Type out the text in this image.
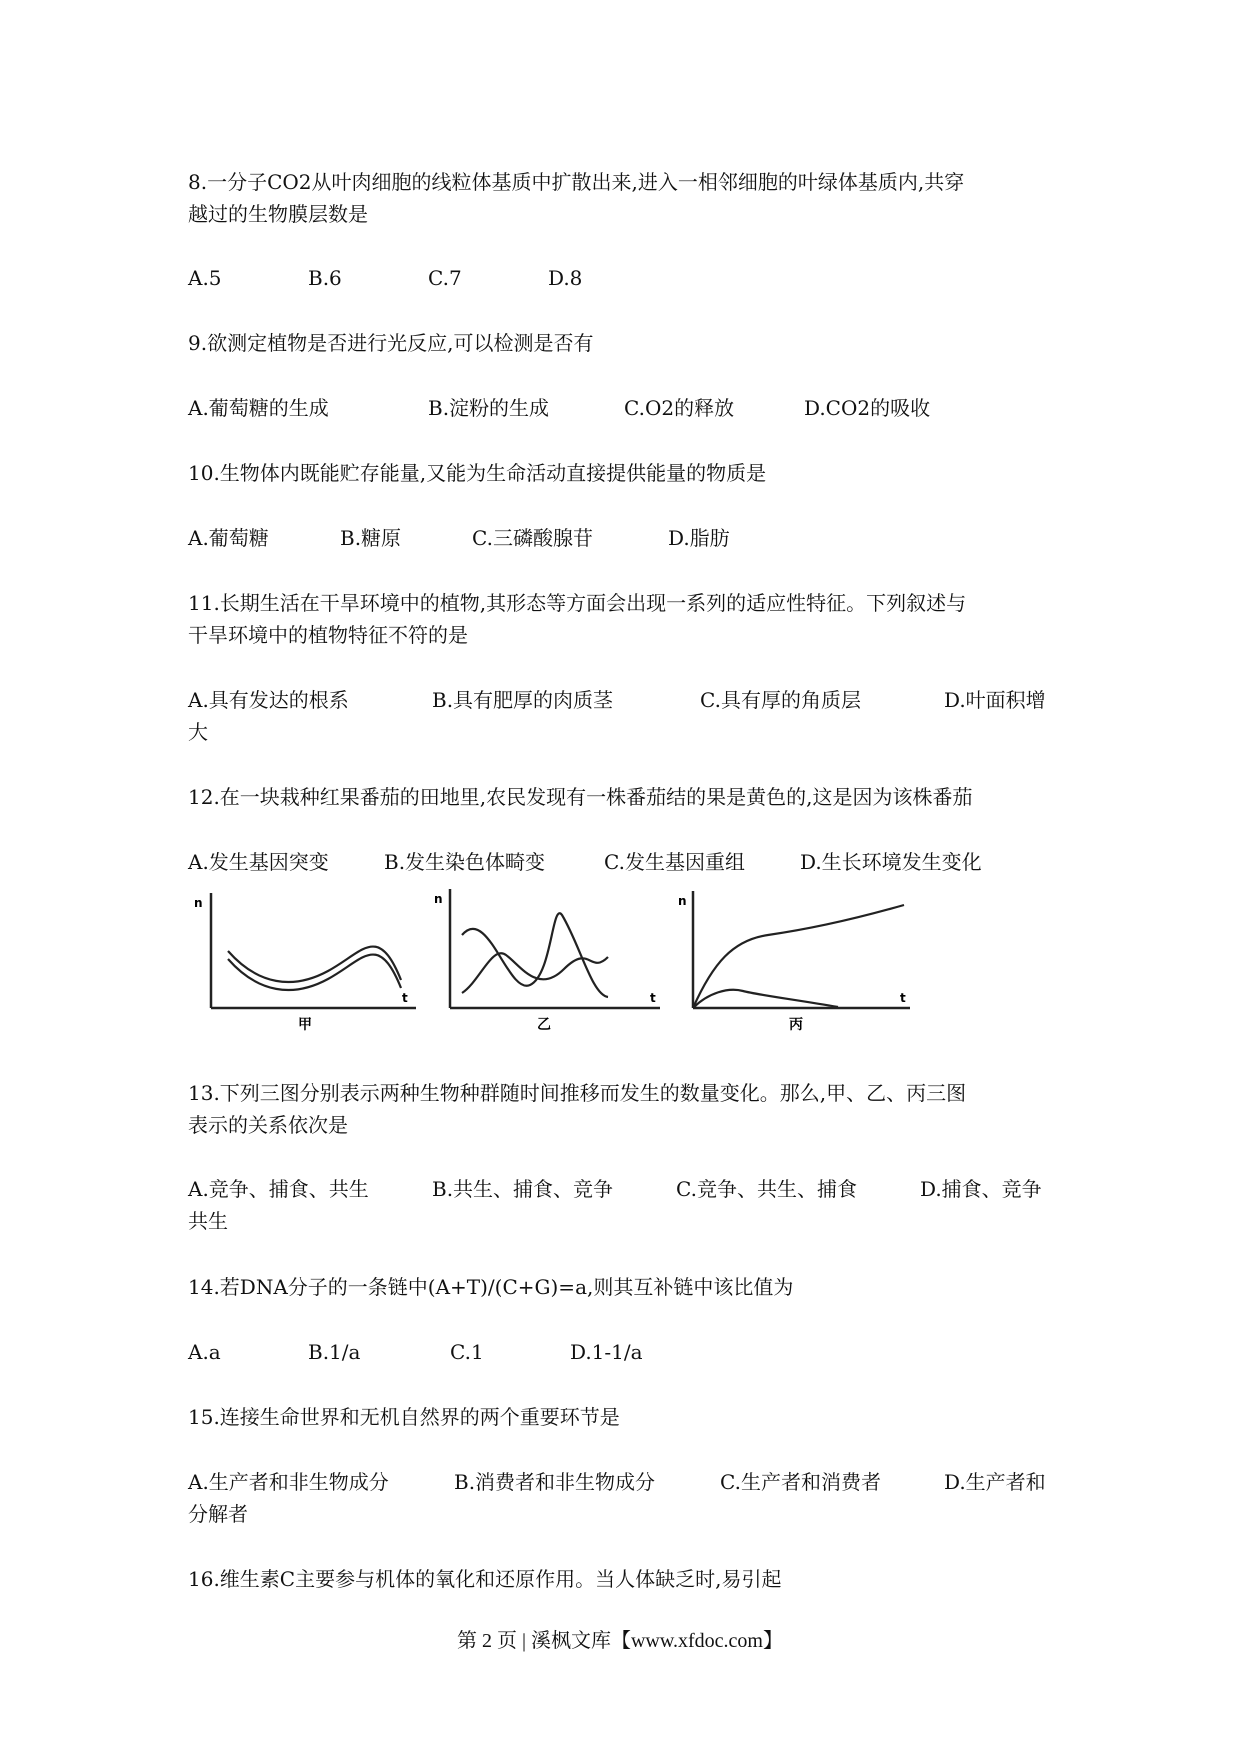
8.一分子CO2从叶肉细胞的线粒体基质中扩散出来,进入一相邻细胞的叶绿体基质内,共穿
越过的生物膜层数是
A.5	B.6	C.7	D.8
9.欲测定植物是否进行光反应,可以检测是否有
A.葡萄糖的生成	B.淀粉的生成	C.O2的释放	D.CO2的吸收
10.生物体内既能贮存能量,又能为生命活动直接提供能量的物质是
A.葡萄糖	B.糖原	C.三磷酸腺苷	D.脂肪
11.长期生活在干旱环境中的植物,其形态等方面会出现一系列的适应性特征。下列叙述与
干旱环境中的植物特征不符的是
A.具有发达的根系	B.具有肥厚的肉质茎	C.具有厚的角质层	D.叶面积增
大
12.在一块栽种红果番茄的田地里,农民发现有一株番茄结的果是黄色的,这是因为该株番茄
A.发生基因突变	B.发生染色体畸变	C.发生基因重组	D.生长环境发生变化
n
t
甲
n
t
乙
n
t
丙
13.下列三图分别表示两种生物种群随时间推移而发生的数量变化。那么,甲、乙、丙三图
表示的关系依次是
A.竞争、捕食、共生	B.共生、捕食、竞争	C.竞争、共生、捕食	D.捕食、竞争
共生
14.若DNA分子的一条链中(A+T)/(C+G)=a,则其互补链中该比值为
A.a	B.1/a	C.1	D.1-1/a
15.连接生命世界和无机自然界的两个重要环节是
A.生产者和非生物成分	B.消费者和非生物成分	C.生产者和消费者	D.生产者和
分解者
16.维生素C主要参与机体的氧化和还原作用。当人体缺乏时,易引起
第 2 页 | 溪枫文库【www.xfdoc.com】
